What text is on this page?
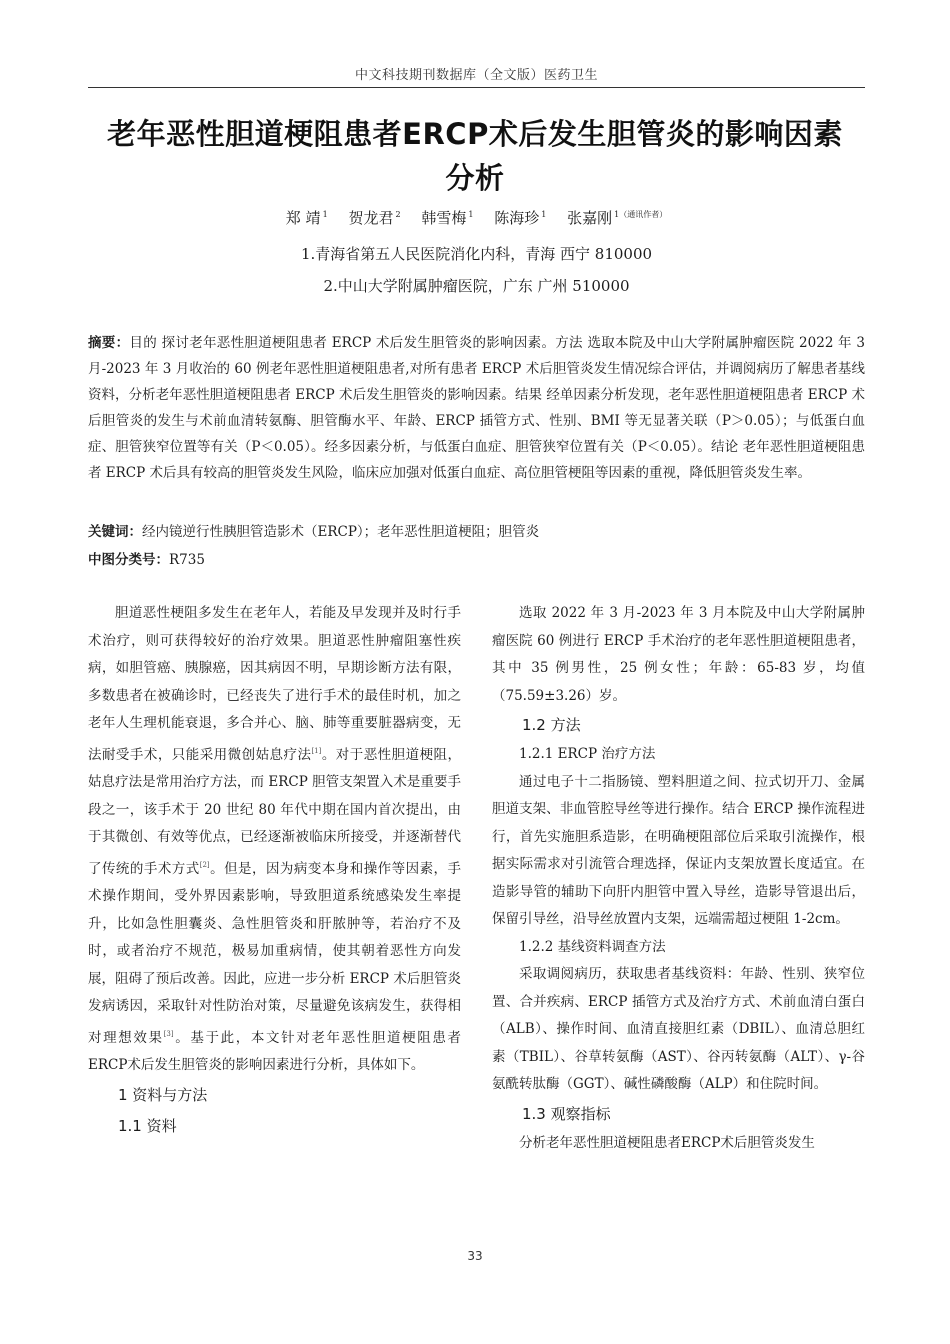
中文科技期刊数据库（全文版）医药卫生
老年恶性胆道梗阻患者ERCP术后发生胆管炎的影响因素
分析
郑 靖 $^1$ 贺龙君 $^2$ 韩雪梅 $^1$ 陈海珍 $^1$ 张嘉刚 $^{1(通讯作者)}$
1.青海省第五人民医院消化内科，青海 西宁 810000
2.中山大学附属肿瘤医院，广东 广州 510000
摘要：目的 探讨老年恶性胆道梗阻患者 ERCP 术后发生胆管炎的影响因素。方法 选取本院及中山大学附属肿瘤医院 2022 年 3 月-2023 年 3 月收治的 60 例老年恶性胆道梗阻患者,对所有患者 ERCP 术后胆管炎发生情况综合评估，并调阅病历了解患者基线资料，分析老年恶性胆道梗阻患者 ERCP 术后发生胆管炎的影响因素。结果 经单因素分析发现，老年恶性胆道梗阻患者 ERCP 术后胆管炎的发生与术前血清转氨酶、胆管酶水平、年龄、ERCP 插管方式、性别、BMI 等无显著关联（P＞0.05）；与低蛋白血症、胆管狭窄位置等有关（P＜0.05）。经多因素分析，与低蛋白血症、胆管狭窄位置有关（P＜0.05）。结论 老年恶性胆道梗阻患者 ERCP 术后具有较高的胆管炎发生风险，临床应加强对低蛋白血症、高位胆管梗阻等因素的重视，降低胆管炎发生率。
关键词：经内镜逆行性胰胆管造影术（ERCP）；老年恶性胆道梗阻；胆管炎
中图分类号：R735

胆道恶性梗阻多发生在老年人，若能及早发现并及时行手术治疗，则可获得较好的治疗效果。胆道恶性肿瘤阻塞性疾病，如胆管癌、胰腺癌，因其病因不明，早期诊断方法有限，多数患者在被确诊时，已经丧失了进行手术的最佳时机，加之老年人生理机能衰退，多合并心、脑、肺等重要脏器病变，无法耐受手术，只能采用微创姑息疗法[1]。对于恶性胆道梗阻，姑息疗法是常用治疗方法，而 ERCP 胆管支架置入术是重要手段之一，该手术于 20 世纪 80 年代中期在国内首次提出，由于其微创、有效等优点，已经逐渐被临床所接受，并逐渐替代了传统的手术方式[2]。但是，因为病变本身和操作等因素，手术操作期间，受外界因素影响，导致胆道系统感染发生率提升，比如急性胆囊炎、急性胆管炎和肝脓肿等，若治疗不及时，或者治疗不规范，极易加重病情，使其朝着恶性方向发展，阻碍了预后改善。因此，应进一步分析 ERCP 术后胆管炎发病诱因，采取针对性防治对策，尽量避免该病发生，获得相对理想效果[3]。基于此，本文针对老年恶性胆道梗阻患者ERCP术后发生胆管炎的影响因素进行分析，具体如下。

1 资料与方法

1.1 资料

选取 2022 年 3 月-2023 年 3 月本院及中山大学附属肿瘤医院 60 例进行 ERCP 手术治疗的老年恶性胆道梗阻患者，其中 35 例男性，25 例女性；年龄：65-83 岁，均值（75.59±3.26）岁。

1.2 方法

1.2.1 ERCP 治疗方法

通过电子十二指肠镜、塑料胆道之间、拉式切开刀、金属胆道支架、非血管腔导丝等进行操作。结合 ERCP 操作流程进行，首先实施胆系造影，在明确梗阻部位后采取引流操作，根据实际需求对引流管合理选择，保证内支架放置长度适宜。在造影导管的辅助下向肝内胆管中置入导丝，造影导管退出后，保留引导丝，沿导丝放置内支架，远端需超过梗阻 1-2cm。

1.2.2 基线资料调查方法

采取调阅病历，获取患者基线资料：年龄、性别、狭窄位置、合并疾病、ERCP 插管方式及治疗方式、术前血清白蛋白（ALB）、操作时间、血清直接胆红素（DBIL）、血清总胆红素（TBIL）、谷草转氨酶（AST）、谷丙转氨酶（ALT）、γ-谷氨酰转肽酶（GGT）、碱性磷酸酶（ALP）和住院时间。

1.3 观察指标

分析老年恶性胆道梗阻患者ERCP术后胆管炎发生

33
